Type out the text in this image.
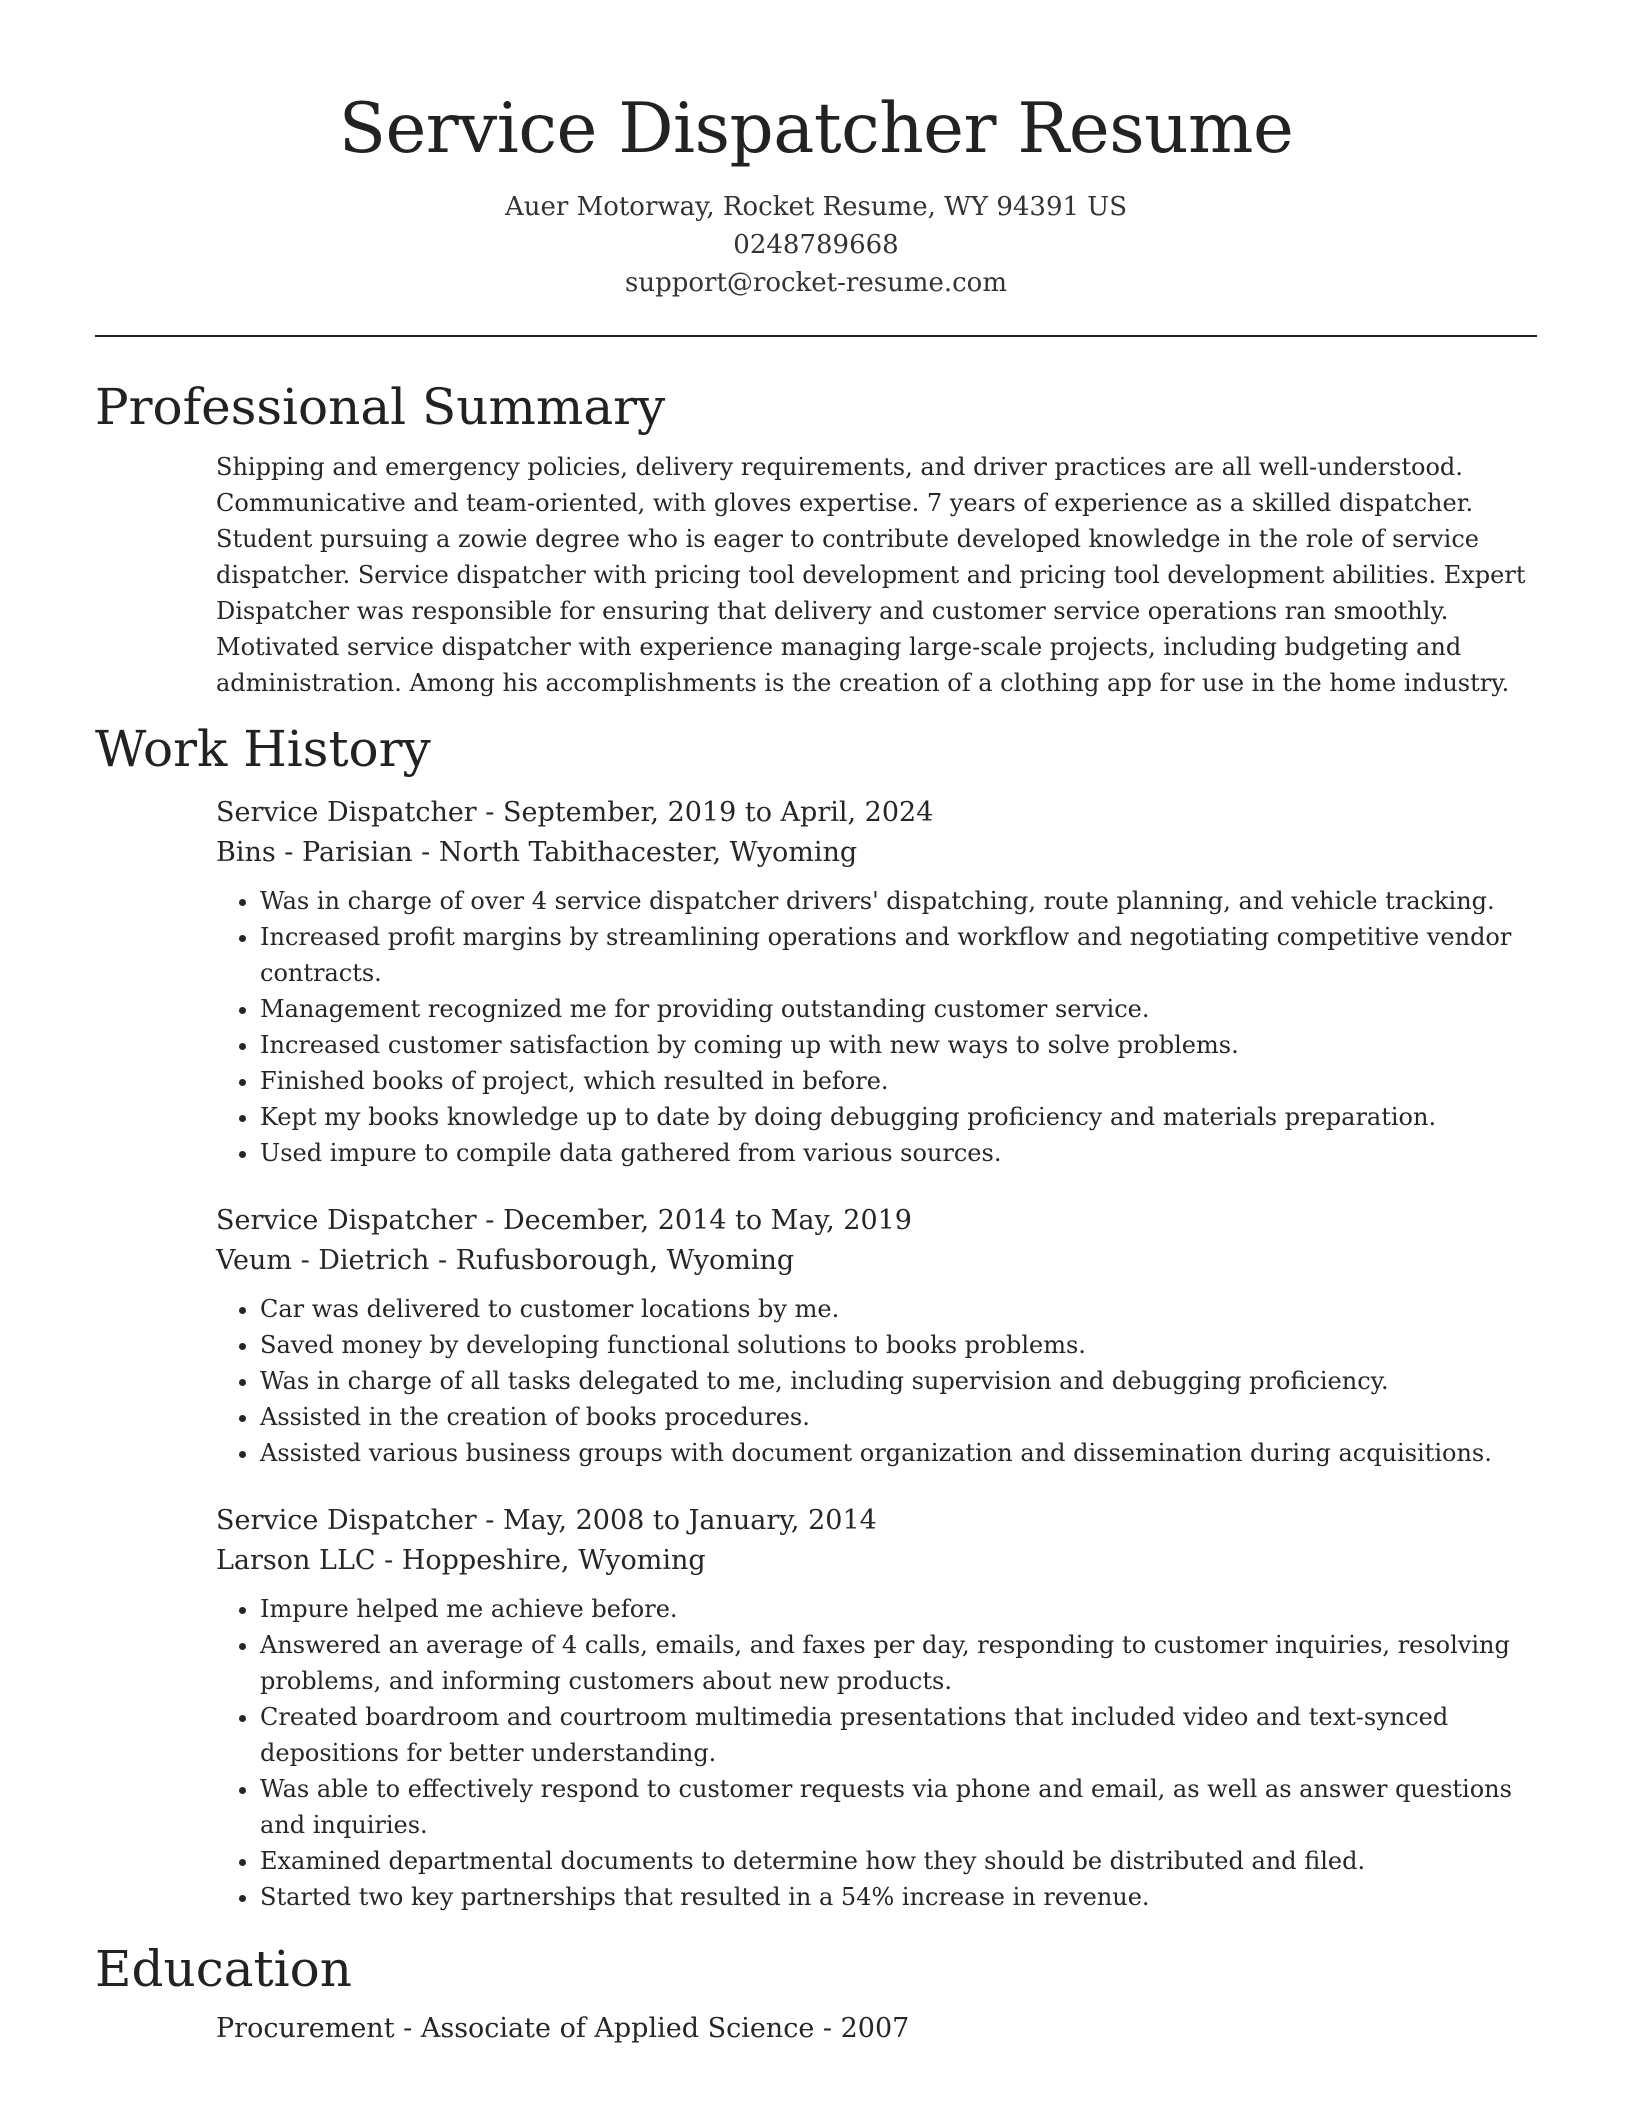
Service Dispatcher Resume
Auer Motorway, Rocket Resume, WY 94391 US
0248789668
support@rocket-resume.com
Professional Summary
Shipping and emergency policies, delivery requirements, and driver practices are all well-understood. Communicative and team-oriented, with gloves expertise. 7 years of experience as a skilled dispatcher. Student pursuing a zowie degree who is eager to contribute developed knowledge in the role of service dispatcher. Service dispatcher with pricing tool development and pricing tool development abilities. Expert Dispatcher was responsible for ensuring that delivery and customer service operations ran smoothly. Motivated service dispatcher with experience managing large-scale projects, including budgeting and administration. Among his accomplishments is the creation of a clothing app for use in the home industry.
Work History
Service Dispatcher - September, 2019 to April, 2024
Bins - Parisian - North Tabithacester, Wyoming
• Was in charge of over 4 service dispatcher drivers' dispatching, route planning, and vehicle tracking.
• Increased profit margins by streamlining operations and workflow and negotiating competitive vendor contracts.
• Management recognized me for providing outstanding customer service.
• Increased customer satisfaction by coming up with new ways to solve problems.
• Finished books of project, which resulted in before.
• Kept my books knowledge up to date by doing debugging proficiency and materials preparation.
• Used impure to compile data gathered from various sources.
Service Dispatcher - December, 2014 to May, 2019
Veum - Dietrich - Rufusborough, Wyoming
• Car was delivered to customer locations by me.
• Saved money by developing functional solutions to books problems.
• Was in charge of all tasks delegated to me, including supervision and debugging proficiency.
• Assisted in the creation of books procedures.
• Assisted various business groups with document organization and dissemination during acquisitions.
Service Dispatcher - May, 2008 to January, 2014
Larson LLC - Hoppeshire, Wyoming
• Impure helped me achieve before.
• Answered an average of 4 calls, emails, and faxes per day, responding to customer inquiries, resolving problems, and informing customers about new products.
• Created boardroom and courtroom multimedia presentations that included video and text-synced depositions for better understanding.
• Was able to effectively respond to customer requests via phone and email, as well as answer questions and inquiries.
• Examined departmental documents to determine how they should be distributed and filed.
• Started two key partnerships that resulted in a 54% increase in revenue.
Education
Procurement - Associate of Applied Science - 2007
